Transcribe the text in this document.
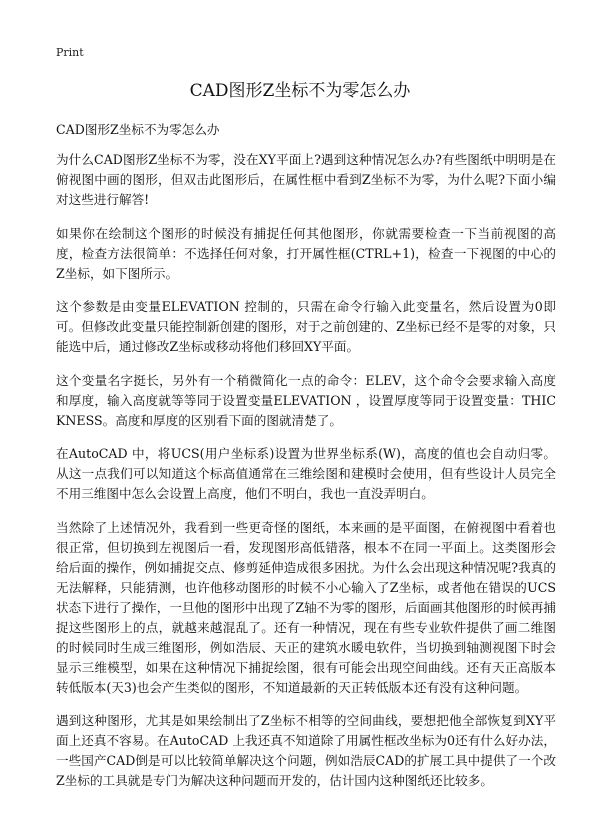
Print
CAD图形Z坐标不为零怎么办

CAD图形Z坐标不为零怎么办

为什么CAD图形Z坐标不为零，没在XY平面上?遇到这种情况怎么办?有些图纸中明明是在俯视图中画的图形，但双击此图形后，在属性框中看到Z坐标不为零，为什么呢?下面小编对这些进行解答!

如果你在绘制这个图形的时候没有捕捉任何其他图形，你就需要检查一下当前视图的高度，检查方法很简单：不选择任何对象，打开属性框(CTRL+1)，检查一下视图的中心的Z坐标，如下图所示。

这个参数是由变量ELEVATION 控制的，只需在命令行输入此变量名，然后设置为0即可。但修改此变量只能控制新创建的图形，对于之前创建的、Z坐标已经不是零的对象，只能选中后，通过修改Z坐标或移动将他们移回XY平面。

这个变量名字挺长，另外有一个稍微简化一点的命令：ELEV，这个命令会要求输入高度和厚度，输入高度就等等同于设置变量ELEVATION ，设置厚度等同于设置变量：THICKNESS。高度和厚度的区别看下面的图就清楚了。

在AutoCAD 中，将UCS(用户坐标系)设置为世界坐标系(W)，高度的值也会自动归零。从这一点我们可以知道这个标高值通常在三维绘图和建模时会使用，但有些设计人员完全不用三维图中怎么会设置上高度，他们不明白，我也一直没弄明白。

当然除了上述情况外，我看到一些更奇怪的图纸，本来画的是平面图，在俯视图中看着也很正常，但切换到左视图后一看，发现图形高低错落，根本不在同一平面上。这类图形会给后面的操作，例如捕捉交点、修剪延伸造成很多困扰。为什么会出现这种情况呢?我真的无法解释，只能猜测，也许他移动图形的时候不小心输入了Z坐标，或者他在错误的UCS状态下进行了操作，一旦他的图形中出现了Z轴不为零的图形，后面画其他图形的时候再捕捉这些图形上的点，就越来越混乱了。还有一种情况，现在有些专业软件提供了画二维图的时候同时生成三维图形，例如浩辰、天正的建筑水暖电软件，当切换到轴测视图下时会显示三维模型，如果在这种情况下捕捉绘图，很有可能会出现空间曲线。还有天正高版本转低版本(天3)也会产生类似的图形，不知道最新的天正转低版本还有没有这种问题。

遇到这种图形，尤其是如果绘制出了Z坐标不相等的空间曲线，要想把他全部恢复到XY平面上还真不容易。在AutoCAD 上我还真不知道除了用属性框改坐标为0还有什么好办法，一些国产CAD倒是可以比较简单解决这个问题，例如浩辰CAD的扩展工具中提供了一个改Z坐标的工具就是专门为解决这种问题而开发的，估计国内这种图纸还比较多。
